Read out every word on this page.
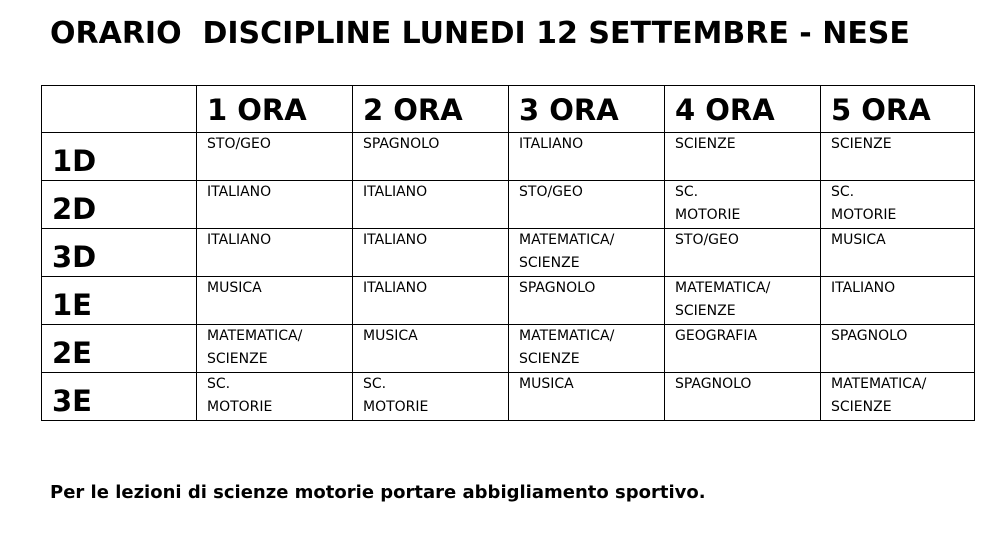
ORARIO  DISCIPLINE LUNEDI 12 SETTEMBRE - NESE
	1 ORA	2 ORA	3 ORA	4 ORA	5 ORA
1D	STO/GEO	SPAGNOLO	ITALIANO	SCIENZE	SCIENZE

2D	ITALIANO	ITALIANO	STO/GEO	SC.
MOTORIE	SC.
MOTORIE

3D	ITALIANO	ITALIANO	MATEMATICA/
SCIENZE	STO/GEO	MUSICA

1E	MUSICA	ITALIANO	SPAGNOLO	MATEMATICA/
SCIENZE	ITALIANO

2E	MATEMATICA/
SCIENZE	MUSICA	MATEMATICA/
SCIENZE	GEOGRAFIA	SPAGNOLO

3E	SC.
MOTORIE	SC.
MOTORIE	MUSICA	SPAGNOLO	MATEMATICA/
SCIENZE
Per le lezioni di scienze motorie portare abbigliamento sportivo.
